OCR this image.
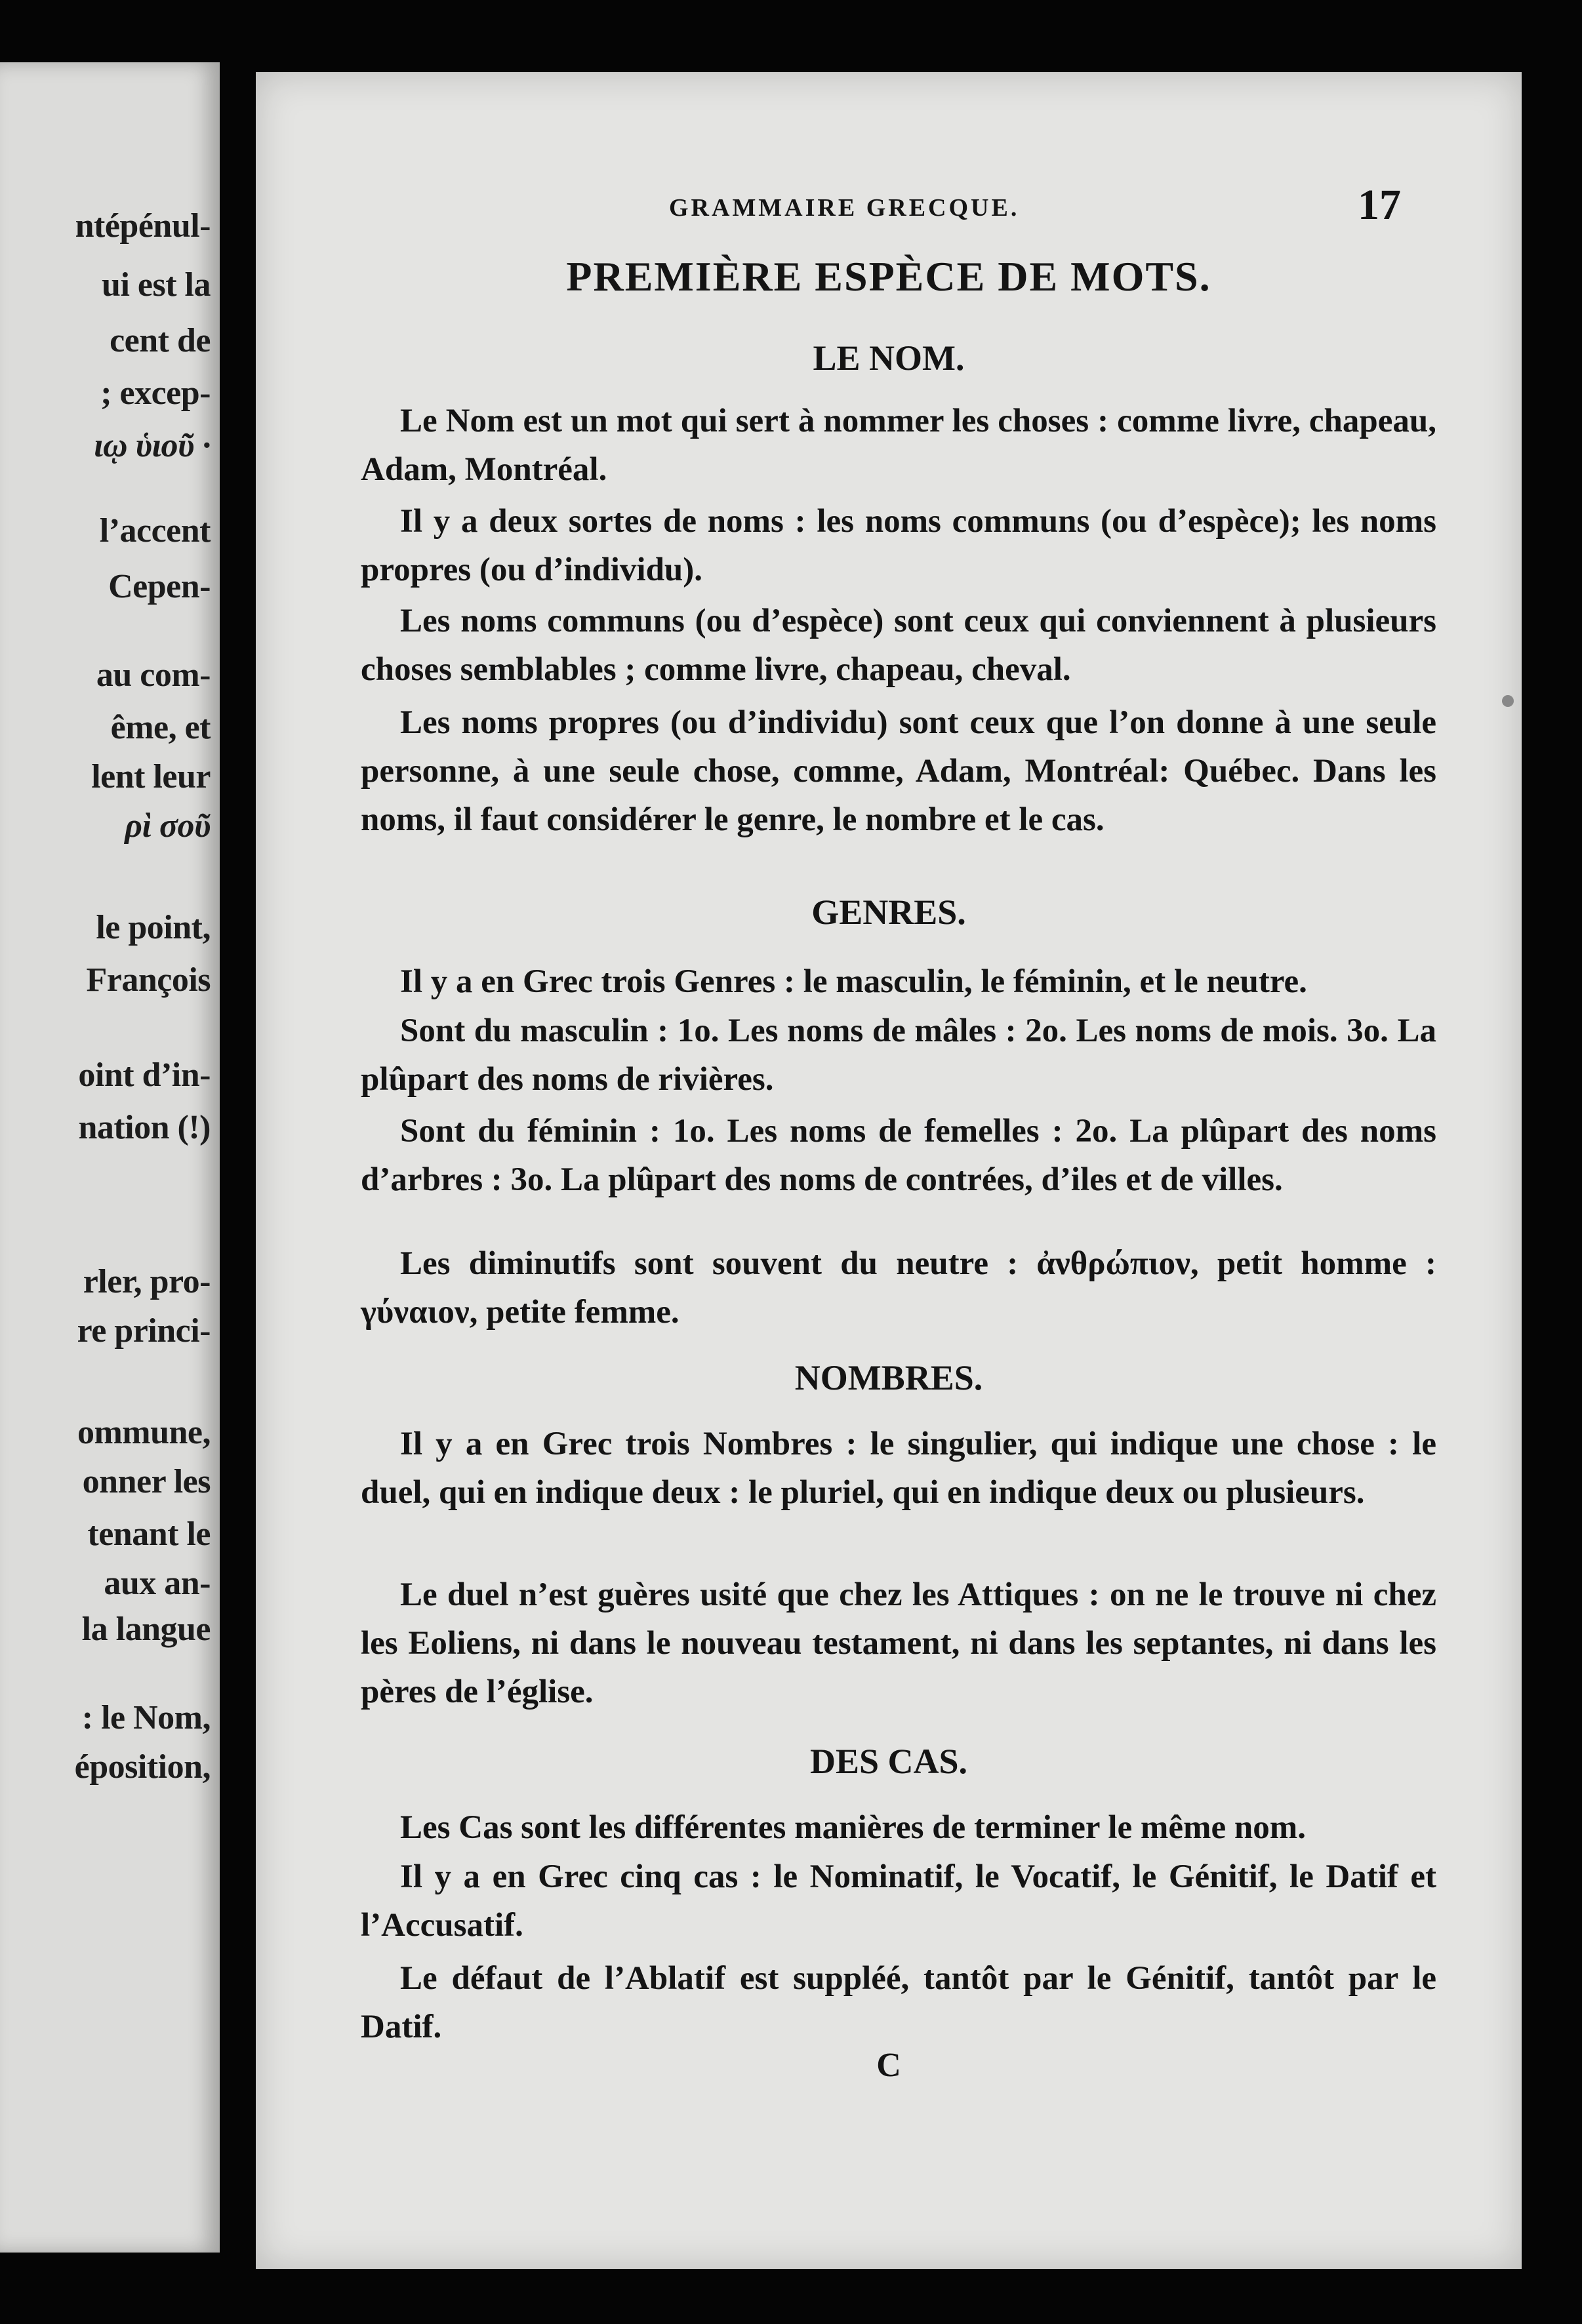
ntépénul-
ui est la
cent de
; excep-
ιῳ ὑιοῦ ·
l’accent
Cepen-
au com-
ême, et
lent leur
ρὶ σοῦ
le point,
François
oint d’in-
nation (!)
rler, pro-
re princi-
ommune,
onner les
tenant le
aux an-
la langue
: le Nom,
éposition,
GRAMMAIRE GRECQUE.	17
PREMIÈRE ESPÈCE DE MOTS.
LE NOM.
Le Nom est un mot qui sert à nommer les choses : comme livre, chapeau, Adam, Montréal.
Il y a deux sortes de noms : les noms communs (ou d’espèce); les noms propres (ou d’individu).
Les noms communs (ou d’espèce) sont ceux qui conviennent à plusieurs choses semblables ; comme livre, chapeau, cheval.
Les noms propres (ou d’individu) sont ceux que l’on donne à une seule personne, à une seule chose, comme, Adam, Montréal: Québec. Dans les noms, il faut considérer le genre, le nombre et le cas.
GENRES.
Il y a en Grec trois Genres : le masculin, le féminin, et le neutre.
Sont du masculin : 1o. Les noms de mâles : 2o. Les noms de mois. 3o. La plûpart des noms de rivières.
Sont du féminin : 1o. Les noms de femelles : 2o. La plûpart des noms d’arbres : 3o. La plûpart des noms de contrées, d’iles et de villes.
Les diminutifs sont souvent du neutre : ἀνθρώπιον, petit homme : γύναιον, petite femme.
NOMBRES.
Il y a en Grec trois Nombres : le singulier, qui indique une chose : le duel, qui en indique deux : le pluriel, qui en indique deux ou plusieurs.
Le duel n’est guères usité que chez les Attiques : on ne le trouve ni chez les Eoliens, ni dans le nouveau testament, ni dans les septantes, ni dans les pères de l’église.
DES CAS.
Les Cas sont les différentes manières de terminer le même nom.
Il y a en Grec cinq cas : le Nominatif, le Vocatif, le Génitif, le Datif et l’Accusatif.
Le défaut de l’Ablatif est suppléé, tantôt par le Génitif, tantôt par le Datif.
C
